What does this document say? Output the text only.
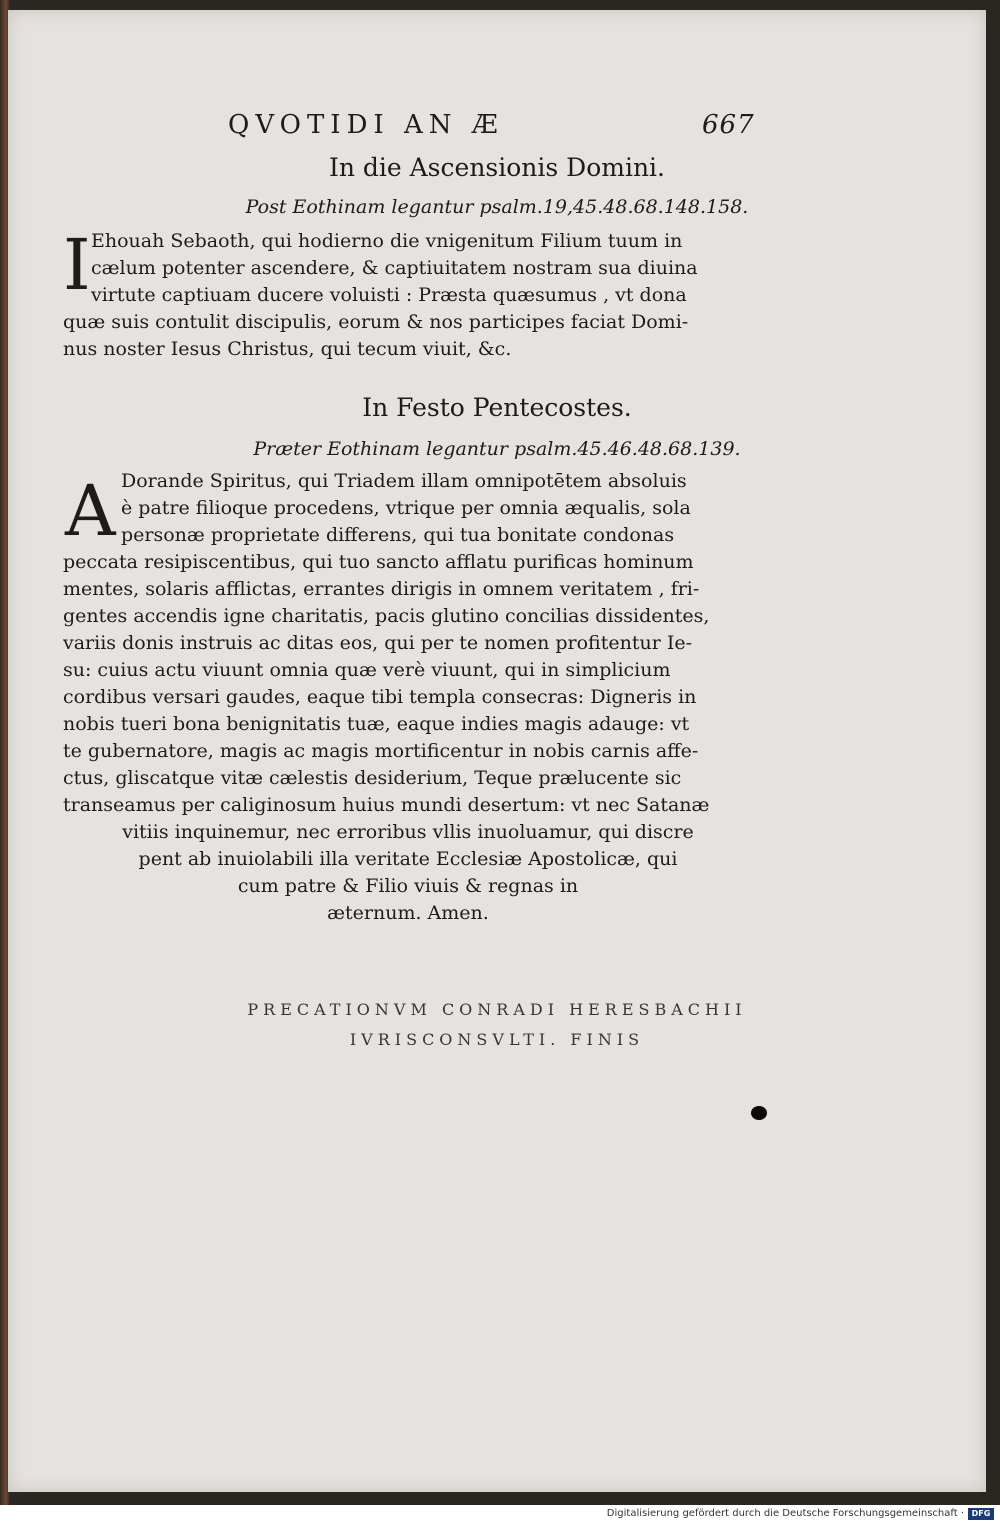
QVOTIDI AN Æ	667
In die Ascensionis Domini.

Post Eothinam legantur psalm.19,45.48.68.148.158.

I Ehouah Sebaoth, qui hodierno die vnigenitum Filium tuum in
cælum potenter ascendere, & captiuitatem nostram sua diuina
virtute captiuam ducere voluisti : Præsta quæsumus , vt dona
quæ suis contulit discipulis, eorum & nos participes faciat Domi-
nus noster Iesus Christus, qui tecum viuit, &c.
In Festo Pentecostes.

Præter Eothinam legantur psalm.45.46.48.68.139.

A Dorande Spiritus, qui Triadem illam omnipotētem absoluis
è patre filioque procedens, vtrique per omnia æqualis, sola
personæ proprietate differens, qui tua bonitate condonas
peccata resipiscentibus, qui tuo sancto afflatu purificas hominum
mentes, solaris afflictas, errantes dirigis in omnem veritatem , fri-
gentes accendis igne charitatis, pacis glutino concilias dissidentes,
variis donis instruis ac ditas eos, qui per te nomen profitentur Ie-
su: cuius actu viuunt omnia quæ verè viuunt, qui in simplicium
cordibus versari gaudes, eaque tibi templa consecras: Digneris in
nobis tueri bona benignitatis tuæ, eaque indies magis adauge: vt
te gubernatore, magis ac magis mortificentur in nobis carnis affe-
ctus, gliscatque vitæ cælestis desiderium, Teque prælucente sic
transeamus per caliginosum huius mundi desertum: vt nec Satanæ
vitiis inquinemur, nec erroribus vllis inuoluamur, qui discre
pent ab inuiolabili illa veritate Ecclesiæ Apostolicæ, qui
cum patre & Filio viuis & regnas in
æternum. Amen.
PRECATIONVM CONRADI HERESBACHII
IVRISCONSVLTI. FINIS
Digitalisierung gefördert durch die Deutsche Forschungsgemeinschaft · DFG
